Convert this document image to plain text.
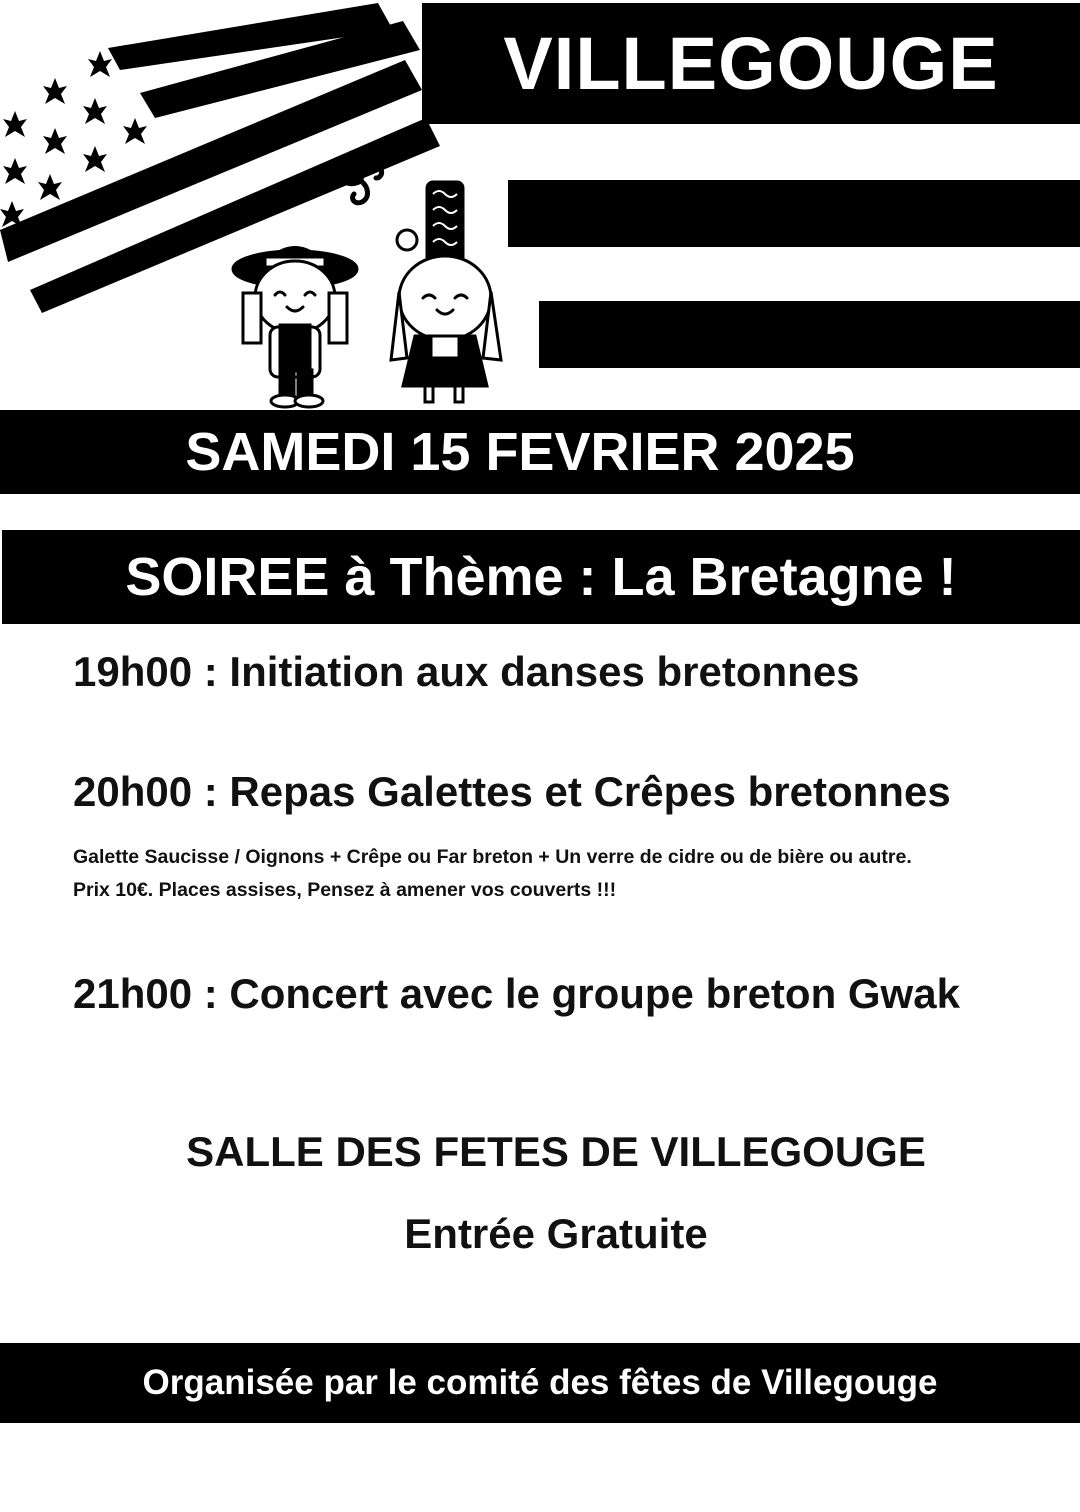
VILLEGOUGE
SAMEDI 15 FEVRIER 2025
SOIREE à Thème : La Bretagne !
19h00 : Initiation aux danses bretonnes
20h00 : Repas Galettes et Crêpes bretonnes
Galette Saucisse / Oignons + Crêpe ou Far breton + Un verre de cidre ou de bière ou autre.
Prix 10€. Places assises, Pensez à amener vos couverts !!!
21h00 : Concert avec le groupe breton Gwak
SALLE DES FETES DE VILLEGOUGE
Entrée Gratuite
Organisée par le comité des fêtes de Villegouge
